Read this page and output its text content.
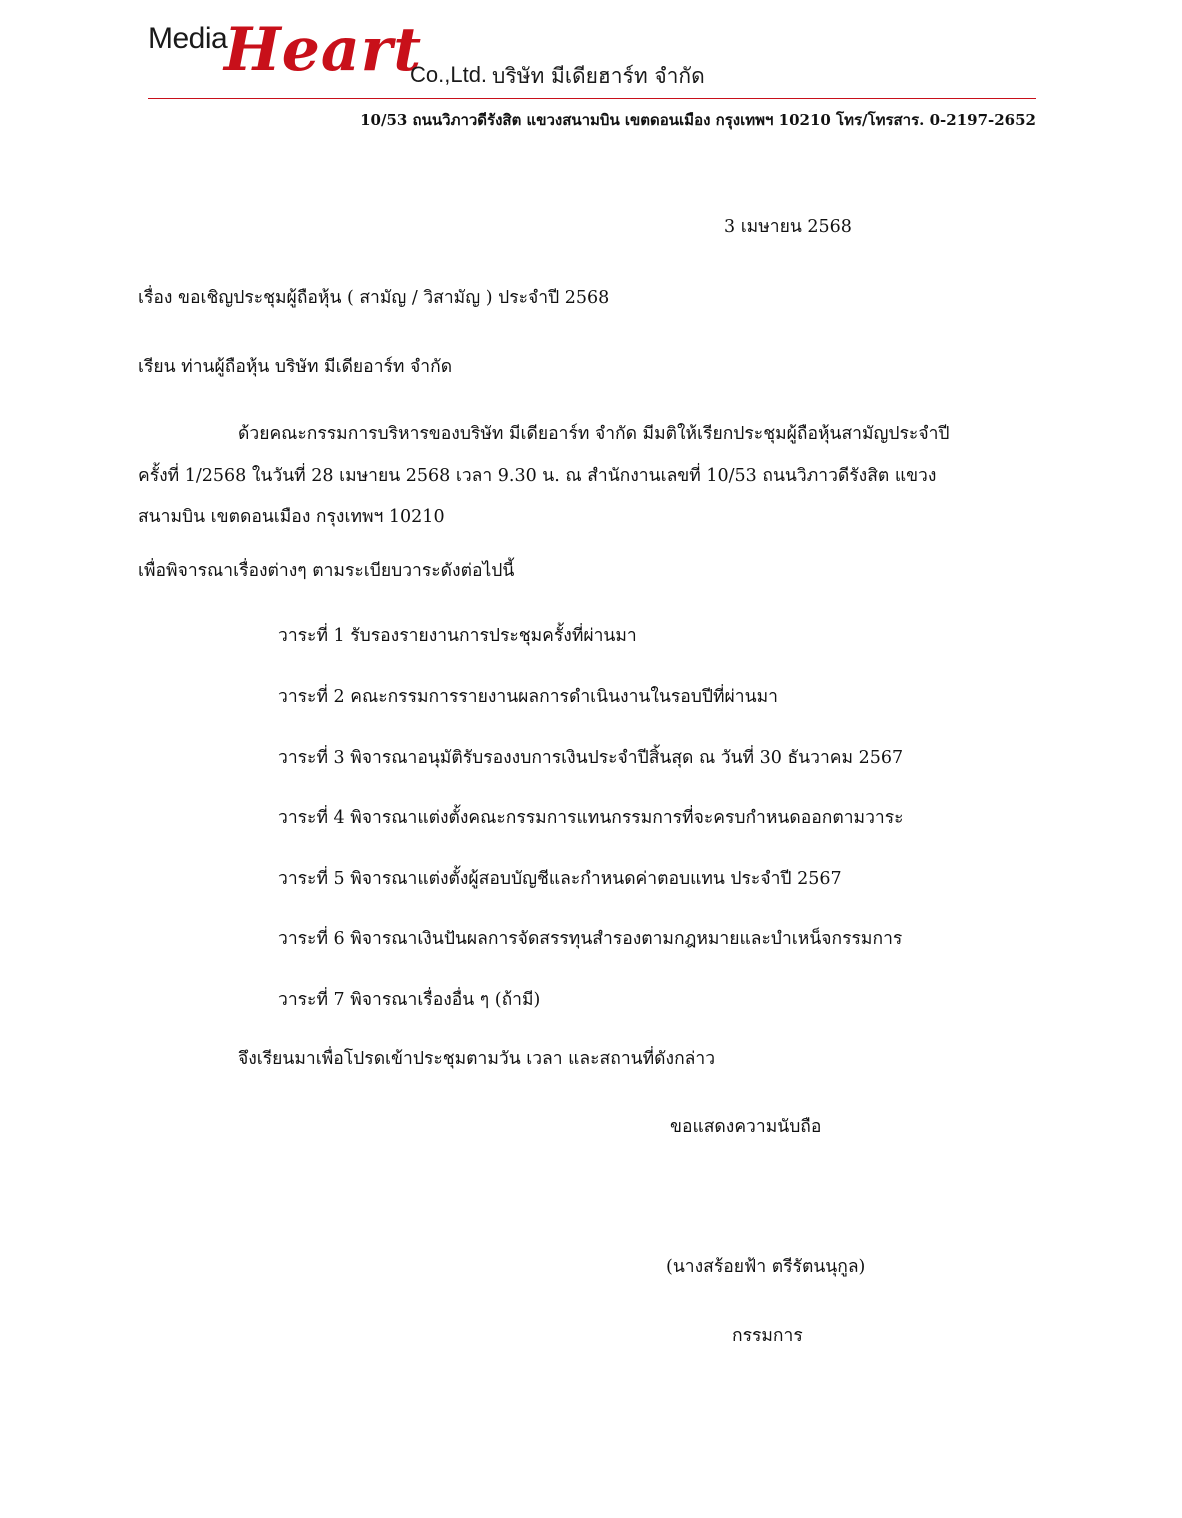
Media
Heart
Co.,Ltd. บริษัท มีเดียฮาร์ท จำกัด
10/53 ถนนวิภาวดีรังสิต แขวงสนามบิน เขตดอนเมือง กรุงเทพฯ 10210 โทร/โทรสาร. 0-2197-2652
3 เมษายน 2568
เรื่อง ขอเชิญประชุมผู้ถือหุ้น ( สามัญ / วิสามัญ ) ประจำปี 2568
เรียน ท่านผู้ถือหุ้น บริษัท มีเดียอาร์ท จำกัด
ด้วยคณะกรรมการบริหารของบริษัท มีเดียอาร์ท จำกัด มีมติให้เรียกประชุมผู้ถือหุ้นสามัญประจำปี
ครั้งที่ 1/2568 ในวันที่ 28 เมษายน 2568 เวลา 9.30 น. ณ สำนักงานเลขที่ 10/53 ถนนวิภาวดีรังสิต แขวง
สนามบิน เขตดอนเมือง กรุงเทพฯ 10210
เพื่อพิจารณาเรื่องต่างๆ ตามระเบียบวาระดังต่อไปนี้
วาระที่ 1 รับรองรายงานการประชุมครั้งที่ผ่านมา
วาระที่ 2 คณะกรรมการรายงานผลการดำเนินงานในรอบปีที่ผ่านมา
วาระที่ 3 พิจารณาอนุมัติรับรองงบการเงินประจำปีสิ้นสุด ณ วันที่ 30 ธันวาคม 2567
วาระที่ 4 พิจารณาแต่งตั้งคณะกรรมการแทนกรรมการที่จะครบกำหนดออกตามวาระ
วาระที่ 5 พิจารณาแต่งตั้งผู้สอบบัญชีและกำหนดค่าตอบแทน ประจำปี 2567
วาระที่ 6 พิจารณาเงินปันผลการจัดสรรทุนสำรองตามกฎหมายและบำเหน็จกรรมการ
วาระที่ 7 พิจารณาเรื่องอื่น ๆ (ถ้ามี)
จึงเรียนมาเพื่อโปรดเข้าประชุมตามวัน เวลา และสถานที่ดังกล่าว
ขอแสดงความนับถือ
(นางสร้อยฟ้า ตรีรัตนนุกูล)
กรรมการ
